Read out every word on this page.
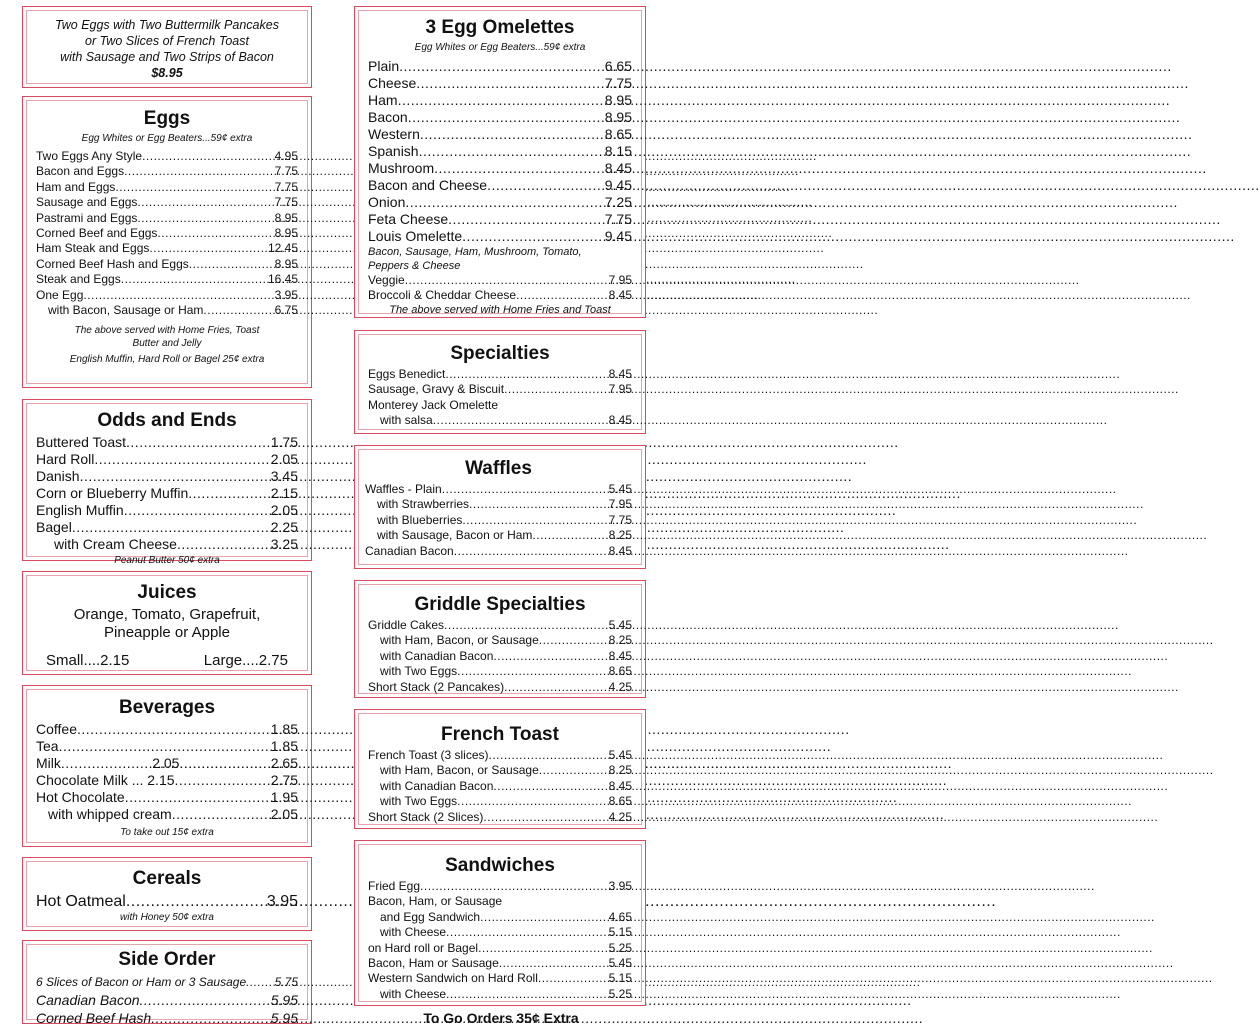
Two Eggs with Two Buttermilk Pancakes
or Two Slices of French Toast
with Sausage and Two Strips of Bacon
$8.95
Eggs
Egg Whites or Egg Beaters...59¢ extra
Two Eggs Any Style .....	4.95
Bacon and Eggs .....	7.75
Ham and Eggs .....	7.75
Sausage and Eggs .....	7.75
Pastrami and Eggs .....	8.95
Corned Beef and Eggs .....	8.95
Ham Steak and Eggs .....	12.45
Corned Beef Hash and Eggs .....	8.95
Steak and Eggs .....	16.45
One Egg .....	3.95
with Bacon, Sausage or Ham .....	6.75
The above served with Home Fries, Toast
Butter and Jelly
English Muffin, Hard Roll or Bagel 25¢ extra
Odds and Ends
Buttered Toast .....	1.75
Hard Roll .....	2.05
Danish .....	3.45
Corn or Blueberry Muffin .....	2.15
English Muffin .....	2.05
Bagel .....	2.25
with Cream Cheese .....	3.25
Peanut Butter 50¢ extra
Juices
Orange, Tomato, Grapefruit,
Pineapple or Apple
Small....2.15	Large....2.75
Beverages
Coffee .....	1.85
Tea .....	1.85
Milk .....	2.05 .....	2.65
Chocolate Milk ... 2.15 .....	2.75
Hot Chocolate .....	1.95
with whipped cream .....	2.05
To take out 15¢ extra
Cereals
Hot Oatmeal .....	3.95
with Honey 50¢ extra
Side Order
6 Slices of Bacon or Ham or 3 Sausage ..... 5.75
Canadian Bacon .....	5.95
Corned Beef Hash .....	5.95
3 Egg Omelettes
Egg Whites or Egg Beaters...59¢ extra
Plain .....	6.65
Cheese .....	7.75
Ham .....	8.95
Bacon .....	8.95
Western .....	8.65
Spanish .....	8.15
Mushroom .....	8.45
Bacon and Cheese .....	9.45
Onion .....	7.25
Feta Cheese .....	7.75
Louis Omelette .....	9.45
Bacon, Sausage, Ham, Mushroom, Tomato,
Peppers & Cheese
Veggie .....	7.95
Broccoli & Cheddar Cheese .....	8.45
The above served with Home Fries and Toast
Specialties
Eggs Benedict .....	8.45
Sausage, Gravy & Biscuit .....	7.95
Monterey Jack Omelette
with salsa .....	8.45
Waffles
Waffles - Plain .....	5.45
with Strawberries .....	7.95
with Blueberries .....	7.75
with Sausage, Bacon or Ham .....	8.25
Canadian Bacon .....	8.45
Griddle Specialties
Griddle Cakes .....	5.45
with Ham, Bacon, or Sausage .....	8.25
with Canadian Bacon .....	8.45
with Two Eggs .....	8.65
Short Stack (2 Pancakes) .....	4.25
French Toast
French Toast (3 slices) .....	5.45
with Ham, Bacon, or Sausage .....	8.25
with Canadian Bacon .....	8.45
with Two Eggs .....	8.65
Short Stack (2 Slices) .....	4.25
Sandwiches
Fried Egg .....	3.95
Bacon, Ham, or Sausage
and Egg Sandwich .....	4.65
with Cheese .....	5.15
on Hard roll or Bagel .....	5.25
Bacon, Ham or Sausage .....	5.45
Western Sandwich on Hard Roll .....	5.15
with Cheese .....	5.25
To Go Orders 35¢ Extra
